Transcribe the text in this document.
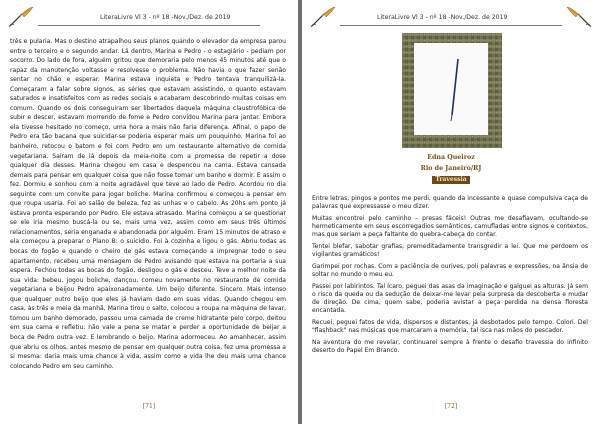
LiteraLivre Vl 3 - nº 18 -Nov./Dez. de 2019

três e pularia. Mas o destino atrapalhou seus planos quando o elevador da empresa parou entre o terceiro e o segundo andar. Lá dentro, Marina e Pedro - o estagiário - pediam por socorro. Do lado de fora, alguém gritou que demoraria pelo menos 45 minutos até que o rapaz da manutenção voltasse e resolvesse o problema. Não havia o que fazer senão sentar no chão e esperar. Marina estava inquieta e Pedro tentava tranquilizá-la. Começaram a falar sobre signos, as séries que estavam assistindo, o quanto estavam saturados e insatisfeitos com as redes sociais e acabaram descobrindo muitas coisas em comum. Quando os dois conseguiram ser libertados daquela máquina claustrofóbica de subir e descer, estavam morrendo de fome e Pedro convidou Marina para jantar. Embora ela tivesse hesitado no começo, uma hora a mais não faria diferença. Afinal, o papo de Pedro era tão bacana que suicidar-se poderia esperar mais um pouquinho. Marina foi ao banheiro, retocou o batom e foi com Pedro em um restaurante alternativo de comida vegetariana. Saíram de lá depois da meia-noite com a promessa de repetir a dose qualquer dia desses. Marina chegou em casa e despencou na cama. Estava cansada demais para pensar em qualquer coisa que não fosse tomar um banho e dormir. E assim o fez. Dormiu e sonhou com a noite agradável que teve ao lado de Pedro. Acordou no dia seguinte com um convite para jogar boliche. Marina confirmou e começou a pensar em que roupa usaria. Foi ao salão de beleza, fez as unhas e o cabelo. Às 20hs em ponto já estava pronta esperando por Pedro. Ele estava atrasado. Marina começou a se questionar se ele iria mesmo buscá-la ou se, mais uma vez, assim como em seus três últimos relacionamentos, seria enganada e abandonada por alguém. Eram 15 minutos de atraso e ela começou a preparar o Plano B: o suicídio. Foi à cozinha e ligou o gás. Abriu todas as bocas do fogão e quando o cheiro de gás estava começando a impregnar todo o seu apartamento, recebeu uma mensagem de Pedro avisando que estava na portaria a sua espera. Fechou todas as bocas do fogão, desligou o gás e desceu. Teve a melhor noite da sua vida: bebeu, jogou boliche, dançou, comeu novamente no restaurante de comida vegetariana e beijou Pedro apaixonadamente. Um beijo diferente. Sincero. Mais intenso que qualquer outro beijo que eles já haviam dado em suas vidas. Quando chegou em casa, às três e meia da manhã, Marina tirou o salto, colocou a roupa na máquina de lavar, tomou um banho demorado, passou uma camada de creme hidratante pelo corpo, deitou em sua cama e refletiu: não vale a pena se matar e perder a oportunidade de beijar a boca de Pedro outra vez. E lembrando o beijo, Marina adormeceu. Ao amanhecer, assim que abriu os olhos, antes mesmo de pensar em qualquer outra coisa, fez uma promessa a si mesma: daria mais uma chance à vida, assim como a vida lhe deu mais uma chance colocando Pedro em seu caminho.

[71]
LiteraLivre Vl 3 - nº 18 -Nov./Dez. de 2019
Edna Queiroz
Rio de Janeiro/RJ
Travessia

Entre letras, pingos e pontos me perdi, quando da incessante e quase compulsiva caça de palavras que expressasse o meu dizer.

Muitas encontrei pelo caminho – presas fáceis! Outras me desafiavam, ocultando-se hermeticamente em seus escorregadios semânticos, camufladas entre signos e contextos, mas que seriam a peça faltante do quebra-cabeça do contar.

Tentei blefar, sabotar grafias, premeditadamente transgredir a lei. Que me perdoem os vigilantes gramáticos!

Garimpei por rochas. Com a paciência de ourives, poli palavras e expressões, na ânsia de soltar no mundo o meu eu.

Passei por labirintos. Tal Ícaro, peguei das asas da imaginação e galguei as alturas. Já sem o risco da queda ou da sedução de deixar-me levar pela surpresa da descoberta e mudar de direção. De cima, quem sabe, poderia avistar a peça perdida na densa floresta encantada.

Recuei, peguei fatos de vida, dispersos e distantes, já desbotados pelo tempo. Colori. Del "flashback" nas músicas que marcaram a memória, tal isca nas mãos do pescador.

Na aventura do me revelar, continuarei sempre à frente o desafio travessia do infinito deserto do Papel Em Branco.

[72]
